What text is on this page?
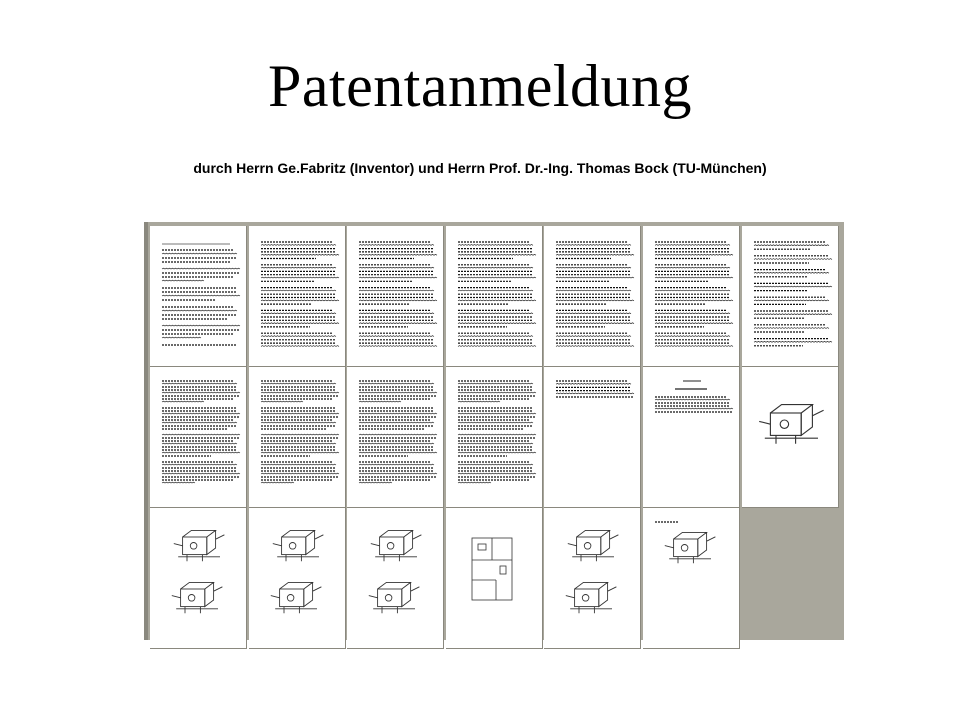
Patentanmeldung
durch Herrn Ge.Fabritz (Inventor) und Herrn Prof. Dr.-Ing. Thomas Bock (TU-München)
